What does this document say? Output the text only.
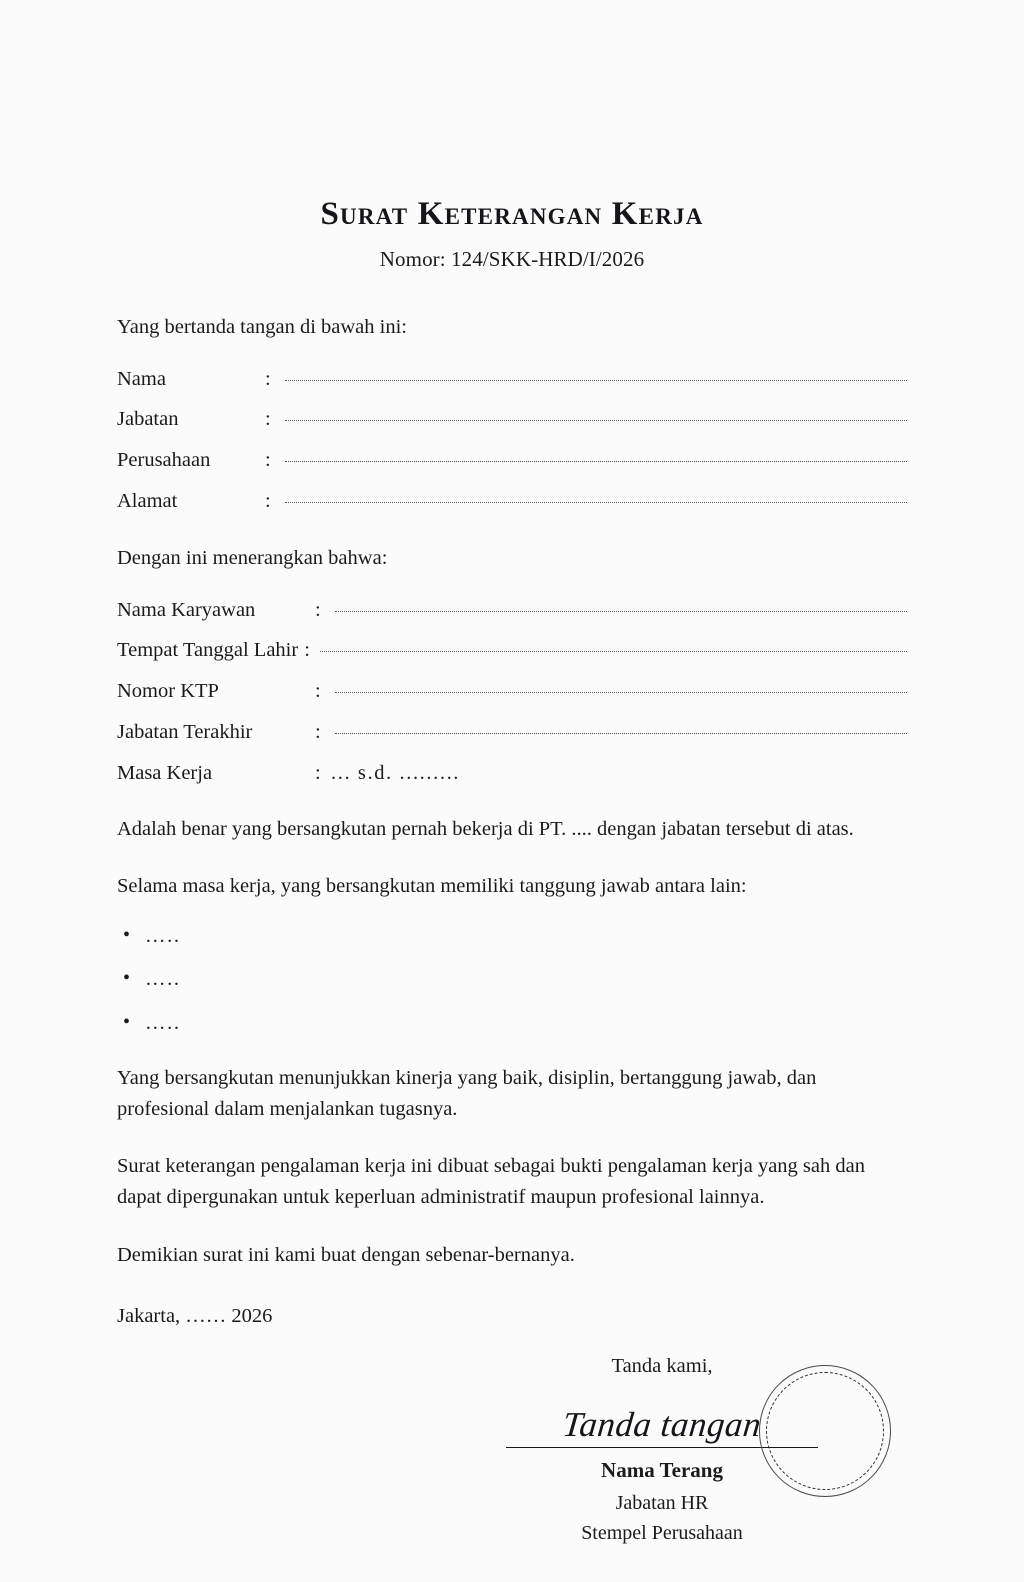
Surat Keterangan Kerja

Nomor: 124/SKK-HRD/I/2026

Yang bertanda tangan di bawah ini:

Nama	:
Jabatan	:
Perusahaan	:
Alamat	:

Dengan ini menerangkan bahwa:

Nama Karyawan	:
Tempat Tanggal Lahir :
Nomor KTP	:
Jabatan Terakhir	:
Masa Kerja	: ... s.d. .........

Adalah benar yang bersangkutan pernah bekerja di PT. .... dengan jabatan tersebut di atas.

Selama masa kerja, yang bersangkutan memiliki tanggung jawab antara lain:

• …..
• …..
• …..

Yang bersangkutan menunjukkan kinerja yang baik, disiplin, bertanggung jawab, dan profesional dalam menjalankan tugasnya.

Surat keterangan pengalaman kerja ini dibuat sebagai bukti pengalaman kerja yang sah dan dapat dipergunakan untuk keperluan administratif maupun profesional lainnya.

Demikian surat ini kami buat dengan sebenar-bernanya.

Jakarta, …… 2026

Tanda kami,

Tanda tangan

Nama Terang

Jabatan HR

Stempel Perusahaan
